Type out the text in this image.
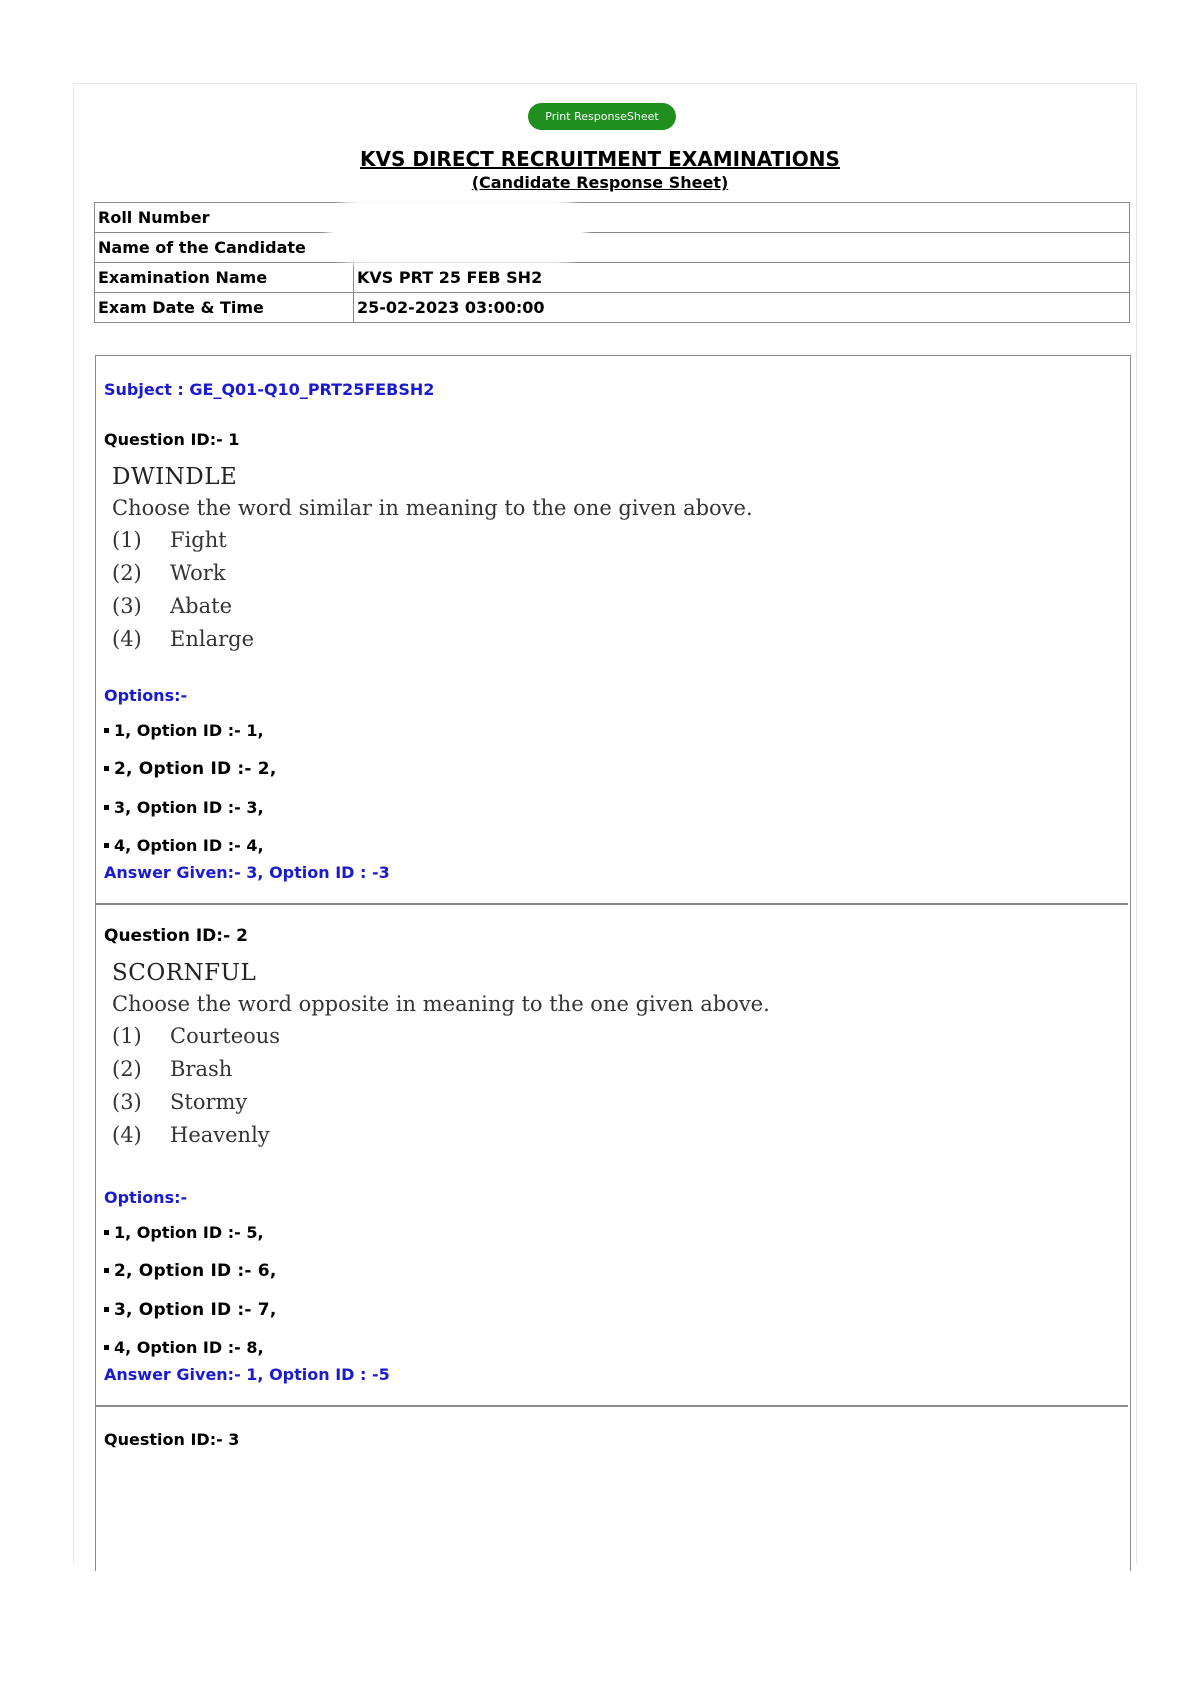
Print ResponseSheet
KVS DIRECT RECRUITMENT EXAMINATIONS
(Candidate Response Sheet)
Roll Number	
Name of the Candidate	
Examination Name	KVS PRT 25 FEB SH2
Exam Date & Time	25-02-2023 03:00:00
Subject : GE_Q01-Q10_PRT25FEBSH2
Question ID:- 1
DWINDLE
Choose the word similar in meaning to the one given above.
(1) Fight
(2) Work
(3) Abate
(4) Enlarge
Options:-
1, Option ID :- 1,
2, Option ID :- 2,
3, Option ID :- 3,
4, Option ID :- 4,
Answer Given:- 3, Option ID : -3
Question ID:- 2
SCORNFUL
Choose the word opposite in meaning to the one given above.
(1) Courteous
(2) Brash
(3) Stormy
(4) Heavenly
Options:-
1, Option ID :- 5,
2, Option ID :- 6,
3, Option ID :- 7,
4, Option ID :- 8,
Answer Given:- 1, Option ID : -5
Question ID:- 3
